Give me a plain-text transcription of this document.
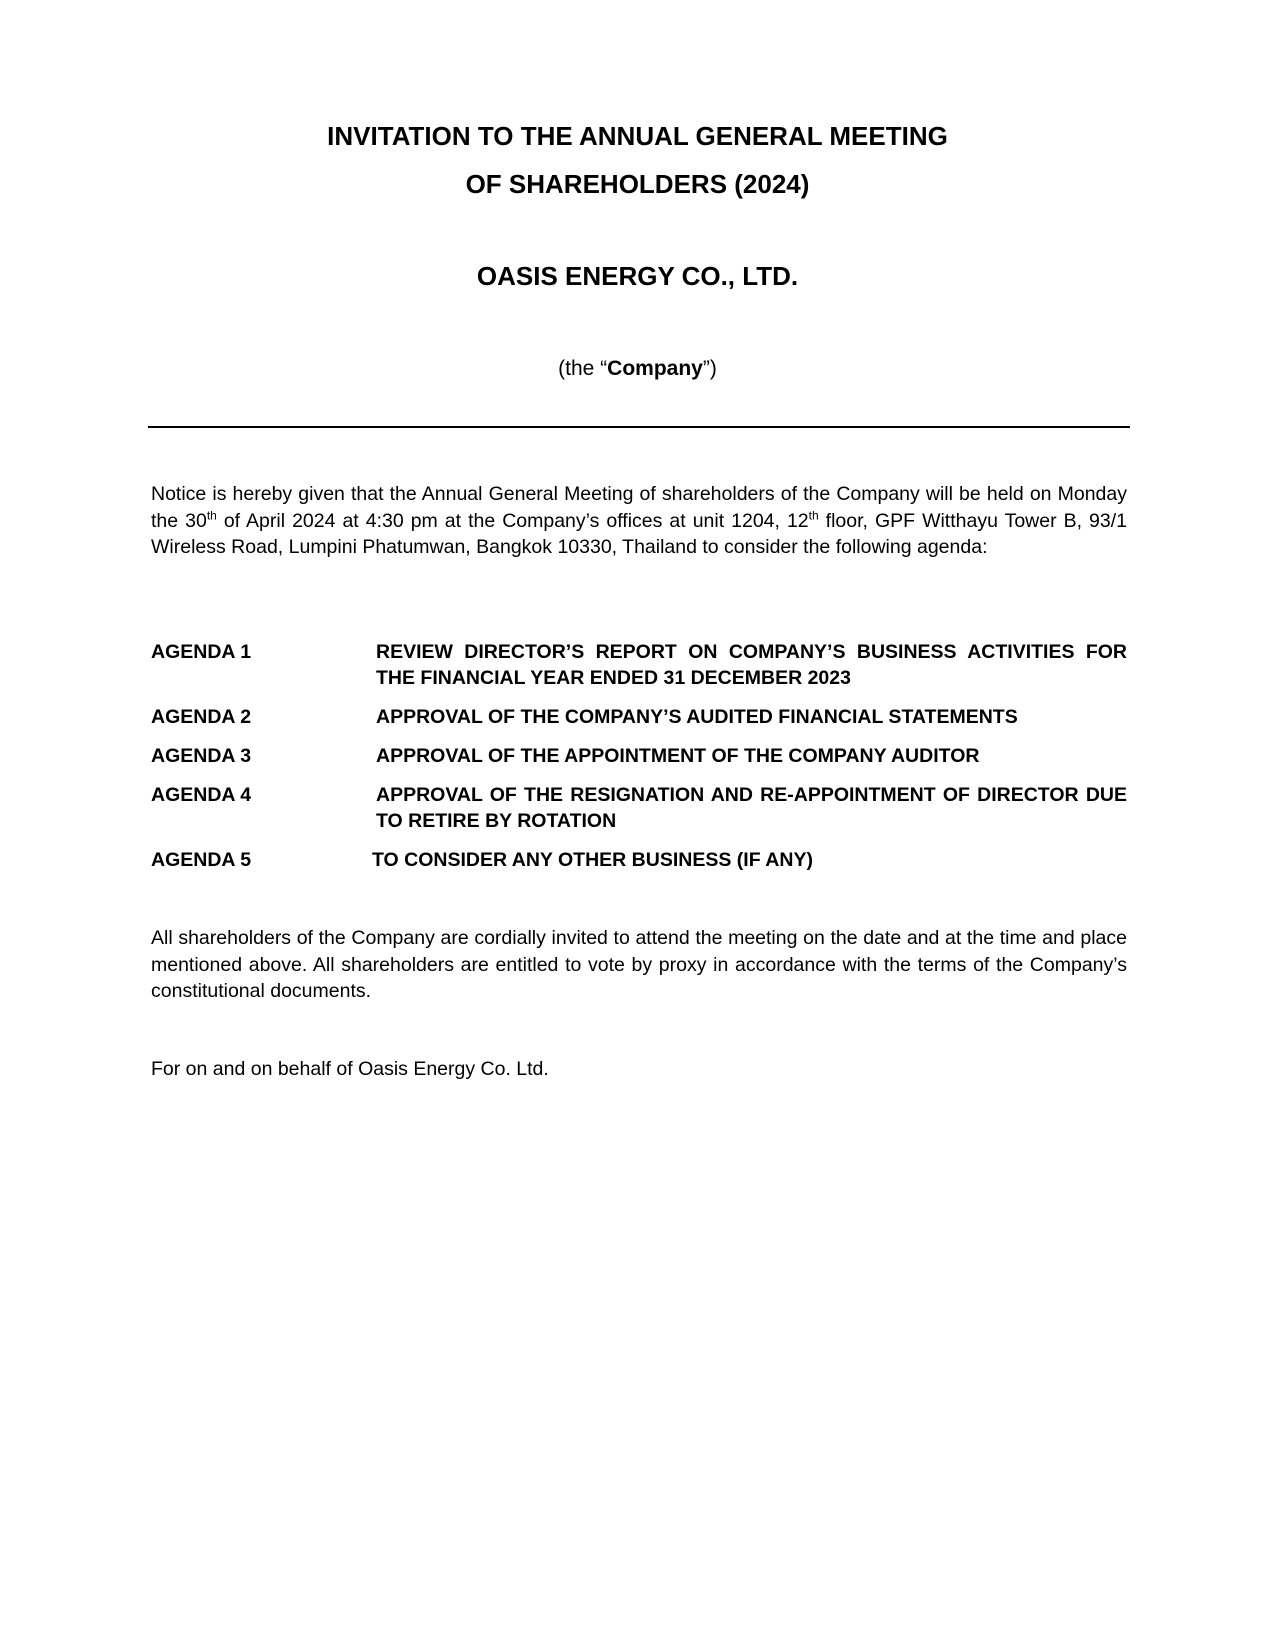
INVITATION TO THE ANNUAL GENERAL MEETING
OF SHAREHOLDERS (2024)
OASIS ENERGY CO., LTD.
(the “Company”)
Notice is hereby given that the Annual General Meeting of shareholders of the Company will be held on Monday the 30th of April 2024 at 4:30 pm at the Company’s offices at unit 1204, 12th floor, GPF Witthayu Tower B, 93/1 Wireless Road, Lumpini Phatumwan, Bangkok 10330, Thailand to consider the following agenda:
AGENDA 1	REVIEW DIRECTOR’S REPORT ON COMPANY’S BUSINESS ACTIVITIES FOR THE FINANCIAL YEAR ENDED 31 DECEMBER 2023
AGENDA 2	APPROVAL OF THE COMPANY’S AUDITED FINANCIAL STATEMENTS
AGENDA 3	APPROVAL OF THE APPOINTMENT OF THE COMPANY AUDITOR
AGENDA 4	APPROVAL OF THE RESIGNATION AND RE-APPOINTMENT OF DIRECTOR DUE TO RETIRE BY ROTATION
AGENDA 5	TO CONSIDER ANY OTHER BUSINESS (IF ANY)
All shareholders of the Company are cordially invited to attend the meeting on the date and at the time and place mentioned above. All shareholders are entitled to vote by proxy in accordance with the terms of the Company’s constitutional documents.
For on and on behalf of Oasis Energy Co. Ltd.
